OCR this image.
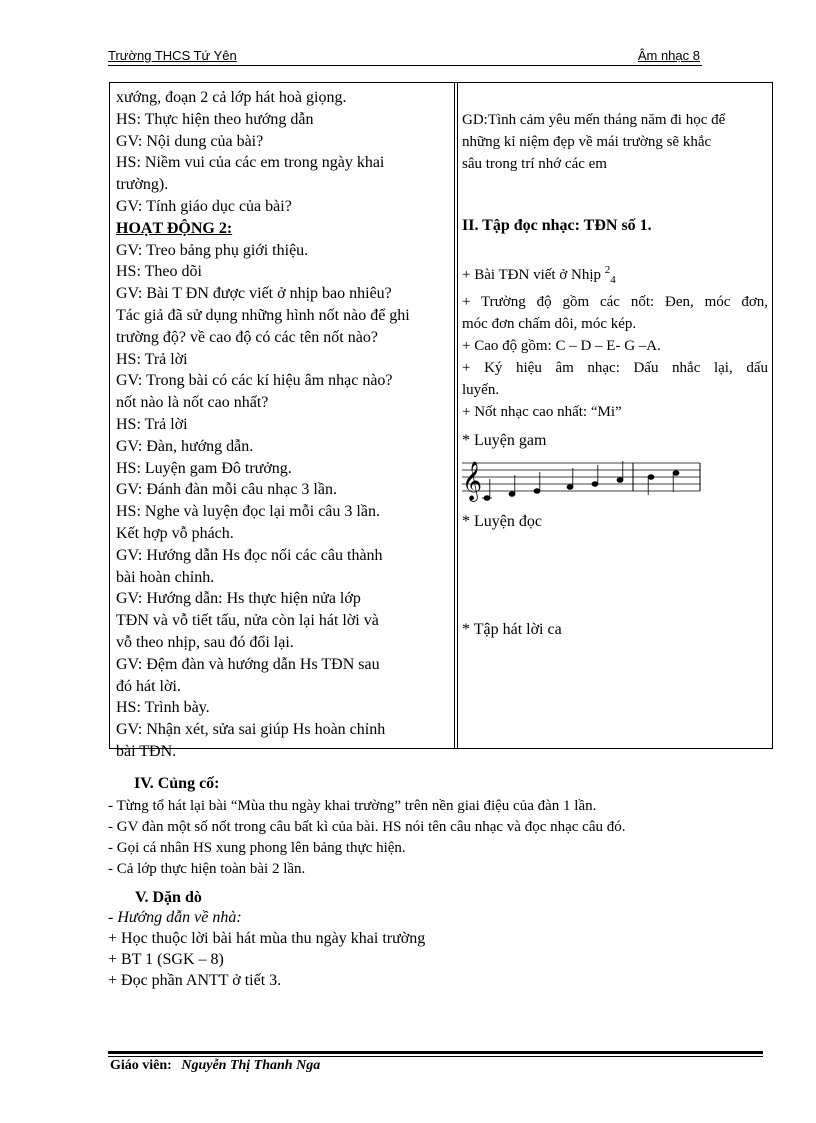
Trường THCS Tứ Yên	Âm nhạc 8
xướng, đoạn 2 cả lớp hát hoà giọng.
HS: Thực hiện theo hướng dẫn
GV: Nội dung của bài?
HS: Niềm vui của các em trong ngày khai
trường).
GV: Tính giáo dục của bài?
HOẠT ĐỘNG 2:
GV: Treo bảng phụ giới thiệu.
HS: Theo dõi
GV: Bài T ĐN được viết ở nhịp bao nhiêu?
Tác giả đã sử dụng những hình nốt nào để ghi
trường độ? về cao độ có các tên nốt nào?
HS: Trả lời
GV: Trong bài có các kí hiệu âm nhạc nào?
nốt nào là nốt cao nhất?
HS: Trả lời
GV: Đàn, hướng dẫn.
HS: Luyện gam Đô trưởng.
GV: Đánh đàn mỗi câu nhạc 3 lần.
HS: Nghe và luyện đọc lại mỗi câu 3 lần.
Kết hợp vỗ phách.
GV: Hướng dẫn Hs đọc nối các câu thành
bài hoàn chỉnh.
GV: Hướng dẫn: Hs thực hiện nửa lớp
TĐN và vỗ tiết tấu, nửa còn lại hát lời và
vỗ theo nhịp, sau đó đổi lại.
GV: Đệm đàn và hướng dẫn Hs TĐN sau
đó hát lời.
HS: Trình bày.
GV: Nhận xét, sửa sai giúp Hs hoàn chỉnh
bài TĐN.
GD:Tình cảm yêu mến tháng năm đi học để
những kỉ niệm đẹp về mái trường sẽ khắc
sâu trong trí nhớ các em
II. Tập đọc nhạc: TĐN số 1.
+ Bài TĐN viết ở Nhịp $^2_4$
+ Trường độ gồm các nốt: Đen, móc đơn,
móc đơn chấm dôi, móc kép.
+ Cao độ gồm: C – D – E- G –A.
+ Ký hiệu âm nhạc: Dấu nhắc lại, dấu
luyến.
+ Nốt nhạc cao nhất: “Mi”
* Luyện gam
𝄞
* Luyện đọc
* Tập hát lời ca
IV. Củng cố:
- Từng tổ hát lại bài “Mùa thu ngày khai trường” trên nền giai điệu của đàn 1 lần.
- GV đàn một số nốt trong câu bất kì của bài. HS nói tên câu nhạc và đọc nhạc câu đó.
- Gọi cá nhân HS xung phong lên bảng thực hiện.
- Cả lớp thực hiện toàn bài 2 lần.
V. Dặn dò
- Hướng dẫn về nhà:
+ Học thuộc lời bài hát mùa thu ngày khai trường
+ BT 1 (SGK – 8)
+ Đọc phần ANTT ở tiết 3.
Giáo viên: Nguyễn Thị Thanh Nga
